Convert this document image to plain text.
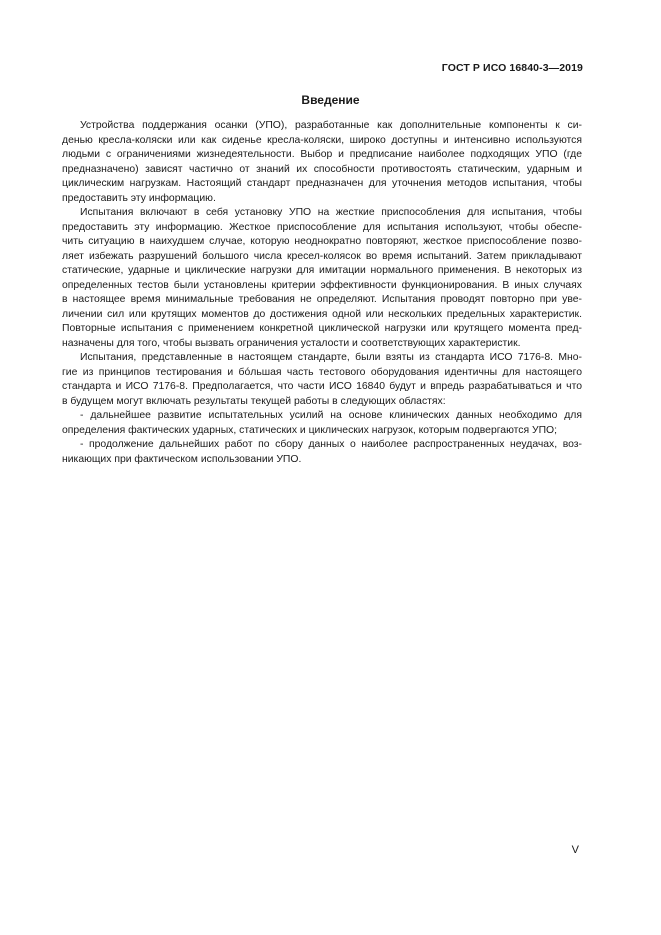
ГОСТ Р ИСО 16840-3—2019
Введение
Устройства поддержания осанки (УПО), разработанные как дополнительные компоненты к си-
денью кресла-коляски или как сиденье кресла-коляски, широко доступны и интенсивно используются
людьми с ограничениями жизнедеятельности. Выбор и предписание наиболее подходящих УПО (где
предназначено) зависят частично от знаний их способности противостоять статическим, ударным и
циклическим нагрузкам. Настоящий стандарт предназначен для уточнения методов испытания, чтобы
предоставить эту информацию.
Испытания включают в себя установку УПО на жесткие приспособления для испытания, чтобы
предоставить эту информацию. Жесткое приспособление для испытания используют, чтобы обеспе-
чить ситуацию в наихудшем случае, которую неоднократно повторяют, жесткое приспособление позво-
ляет избежать разрушений большого числа кресел-колясок во время испытаний. Затем прикладывают
статические, ударные и циклические нагрузки для имитации нормального применения. В некоторых из
определенных тестов были установлены критерии эффективности функционирования. В иных случаях
в настоящее время минимальные требования не определяют. Испытания проводят повторно при уве-
личении сил или крутящих моментов до достижения одной или нескольких предельных характеристик.
Повторные испытания с применением конкретной циклической нагрузки или крутящего момента пред-
назначены для того, чтобы вызвать ограничения усталости и соответствующих характеристик.
Испытания, представленные в настоящем стандарте, были взяты из стандарта ИСО 7176-8. Мно-
гие из принципов тестирования и бóльшая часть тестового оборудования идентичны для настоящего
стандарта и ИСО 7176-8. Предполагается, что части ИСО 16840 будут и впредь разрабатываться и что
в будущем могут включать результаты текущей работы в следующих областях:
- дальнейшее развитие испытательных усилий на основе клинических данных необходимо для
определения фактических ударных, статических и циклических нагрузок, которым подвергаются УПО;
- продолжение дальнейших работ по сбору данных о наиболее распространенных неудачах, воз-
никающих при фактическом использовании УПО.
V
